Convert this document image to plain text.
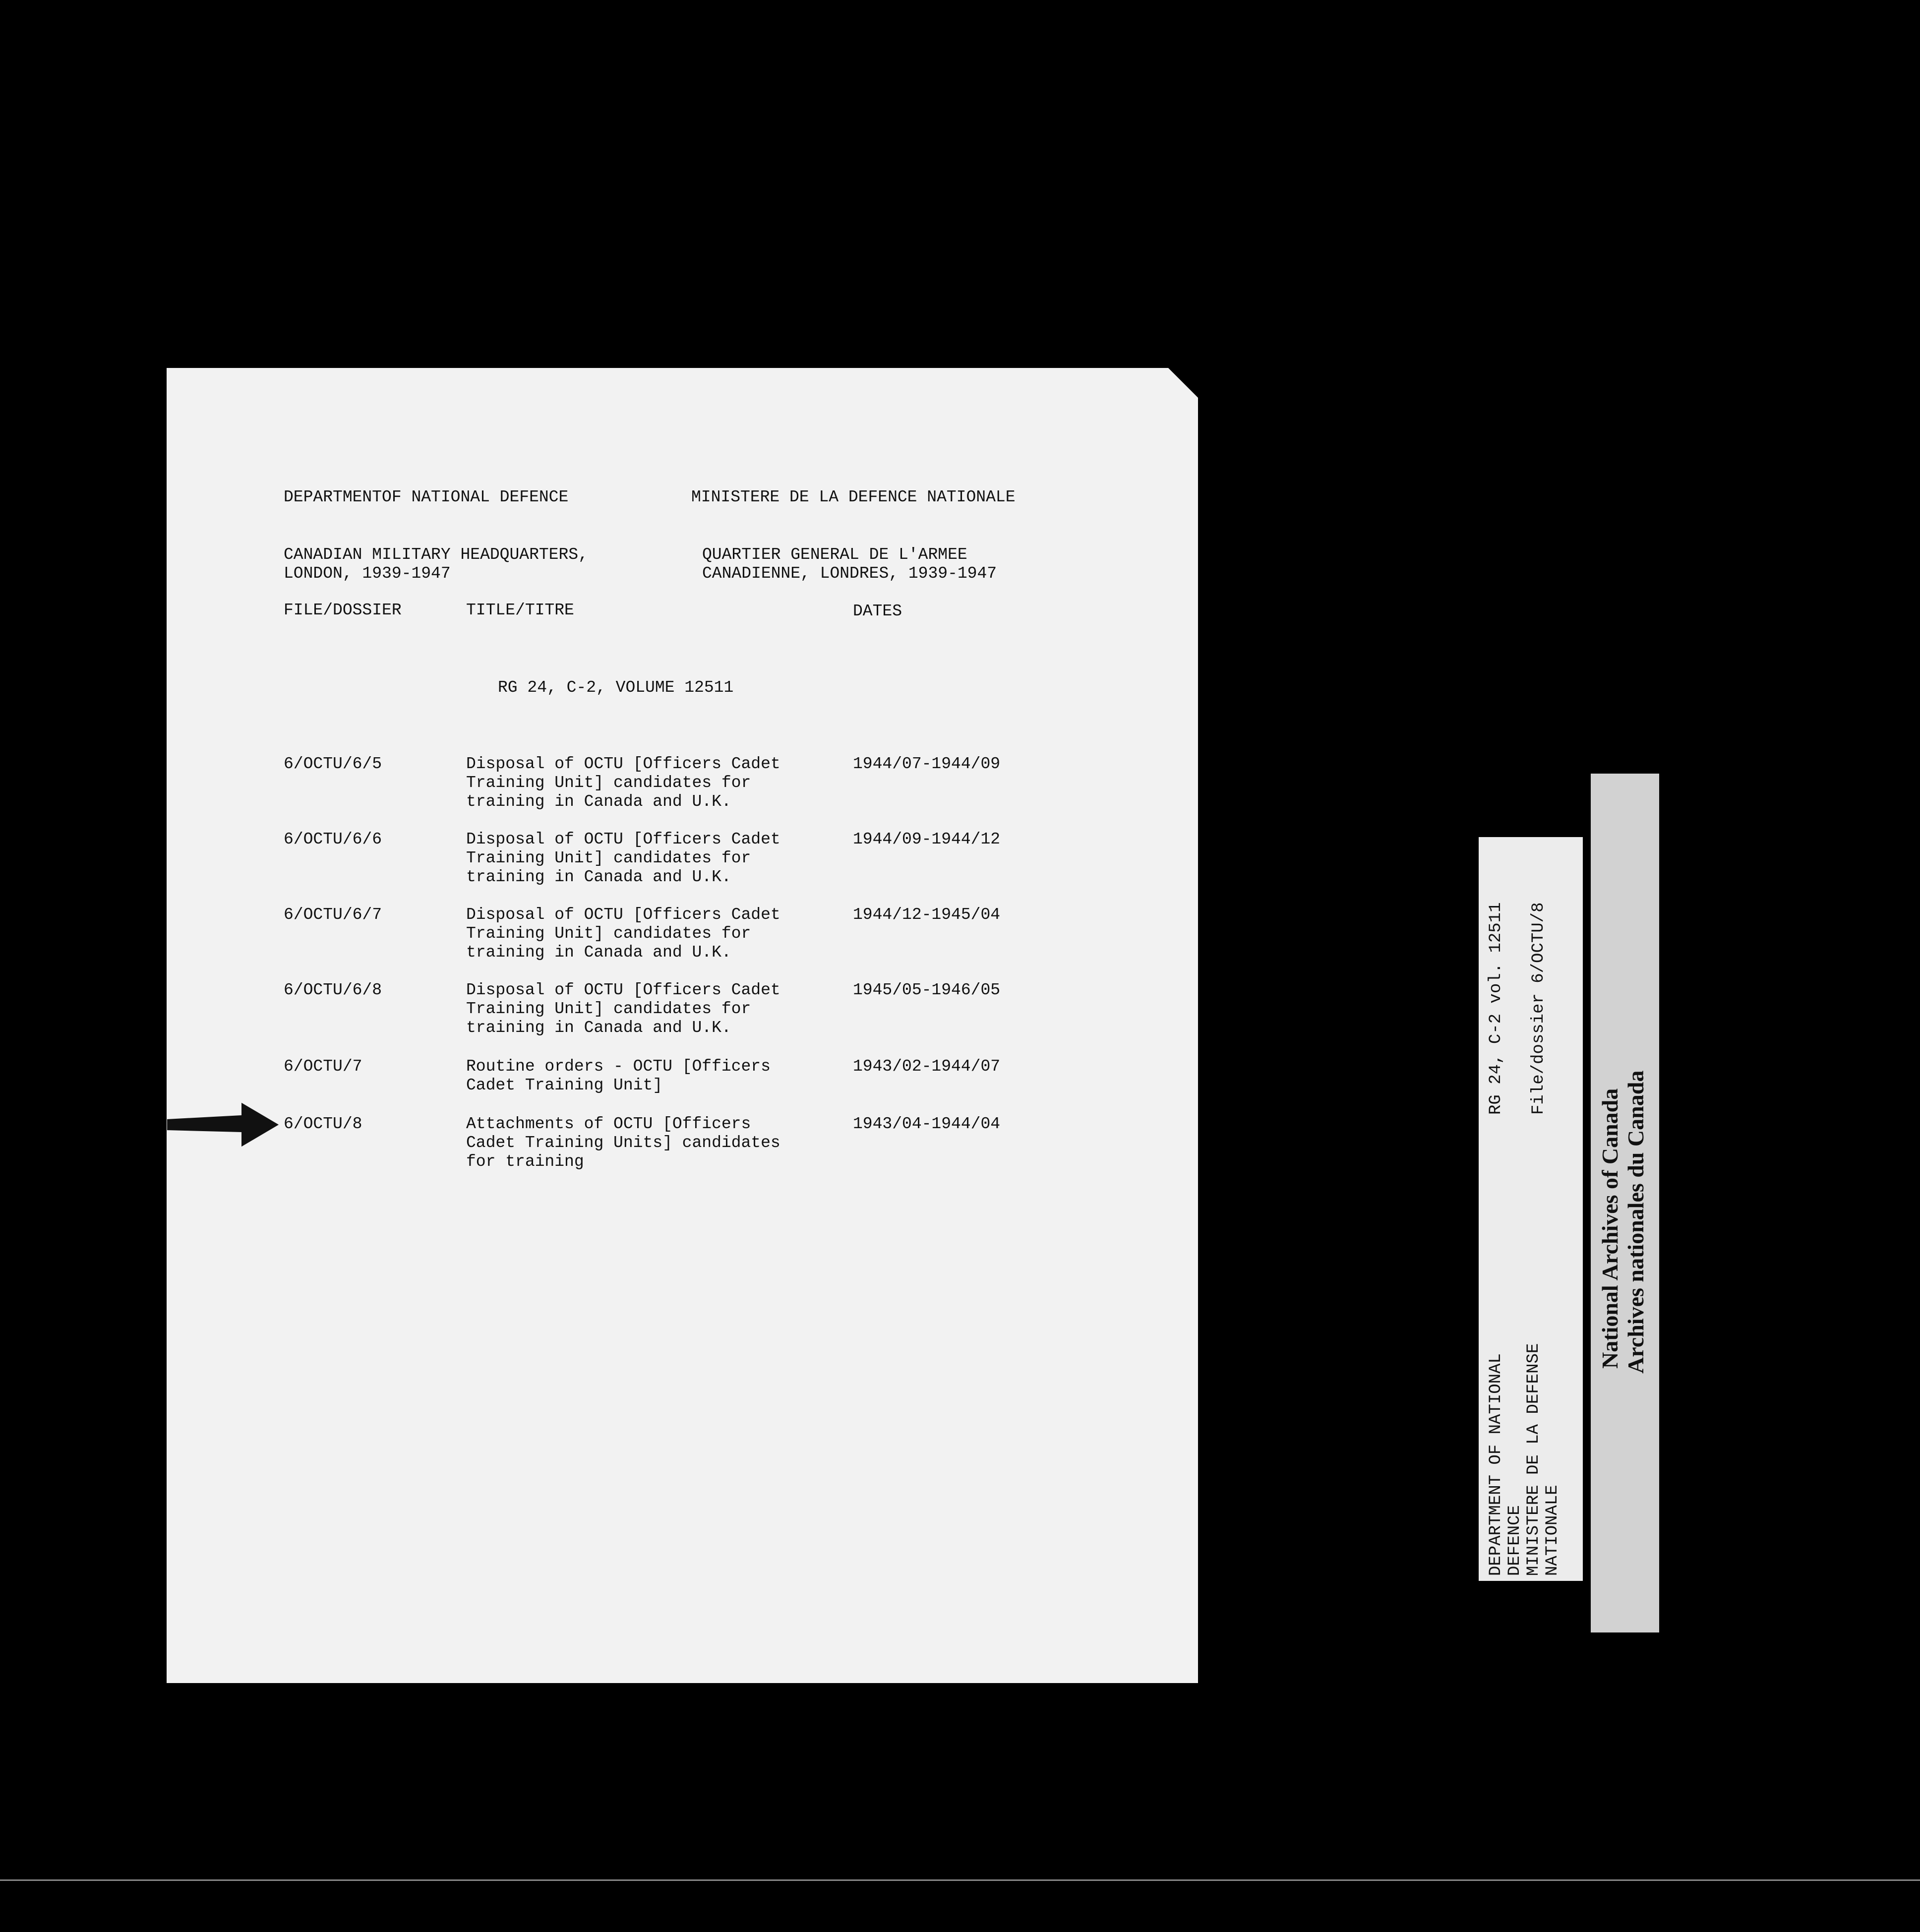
DEPARTMENTOF NATIONAL DEFENCE	MINISTERE DE LA DEFENCE NATIONALE
CANADIAN MILITARY HEADQUARTERS,
LONDON, 1939-1947
QUARTIER GENERAL DE L'ARMEE
CANADIENNE, LONDRES, 1939-1947
FILE/DOSSIER	TITLE/TITRE	DATES
RG 24, C-2, VOLUME 12511
6/OCTU/6/5	Disposal of OCTU [Officers Cadet
Training Unit] candidates for
training in Canada and U.K.
1944/07-1944/09
6/OCTU/6/6	Disposal of OCTU [Officers Cadet
Training Unit] candidates for
training in Canada and U.K.
1944/09-1944/12
6/OCTU/6/7	Disposal of OCTU [Officers Cadet
Training Unit] candidates for
training in Canada and U.K.
1944/12-1945/04
6/OCTU/6/8	Disposal of OCTU [Officers Cadet
Training Unit] candidates for
training in Canada and U.K.
1945/05-1946/05
6/OCTU/7	Routine orders - OCTU [Officers
Cadet Training Unit]
1943/02-1944/07
6/OCTU/8	Attachments of OCTU [Officers
Cadet Training Units] candidates
for training
1943/04-1944/04
DEPARTMENT OF NATIONAL DEFENCE MINISTERE DE LA DEFENSE NATIONALE
RG 24, C-2 vol. 12511 File/dossier 6/OCTU/8
National Archives of Canada Archives nationales du Canada
